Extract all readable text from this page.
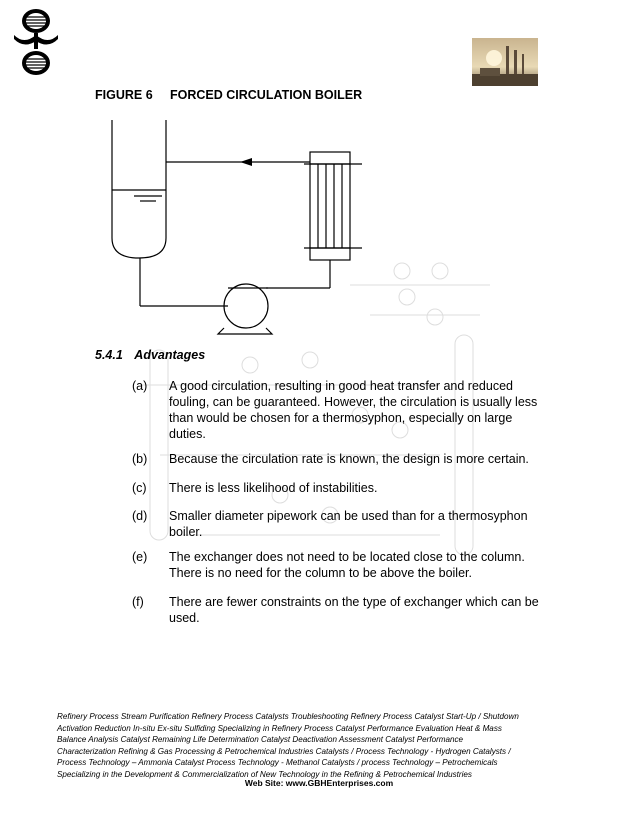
FIGURE 6 FORCED CIRCULATION BOILER
5.4.1 Advantages
(a) A good circulation, resulting in good heat transfer and reduced fouling, can be guaranteed. However, the circulation is usually less than would be chosen for a thermosyphon, especially on large duties.
(b) Because the circulation rate is known, the design is more certain.
(c) There is less likelihood of instabilities.
(d) Smaller diameter pipework can be used than for a thermosyphon boiler.
(e) The exchanger does not need to be located close to the column. There is no need for the column to be above the boiler.
(f) There are fewer constraints on the type of exchanger which can be used.
Refinery Process Stream Purification Refinery Process Catalysts Troubleshooting Refinery Process Catalyst Start-Up / Shutdown
Activation Reduction In-situ Ex-situ Sulfiding Specializing in Refinery Process Catalyst Performance Evaluation Heat & Mass
Balance Analysis Catalyst Remaining Life Determination Catalyst Deactivation Assessment Catalyst Performance
Characterization Refining & Gas Processing & Petrochemical Industries Catalysts / Process Technology - Hydrogen Catalysts /
Process Technology – Ammonia Catalyst Process Technology - Methanol Catalysts / process Technology – Petrochemicals
Specializing in the Development & Commercialization of New Technology in the Refining & Petrochemical Industries
Web Site: www.GBHEnterprises.com
